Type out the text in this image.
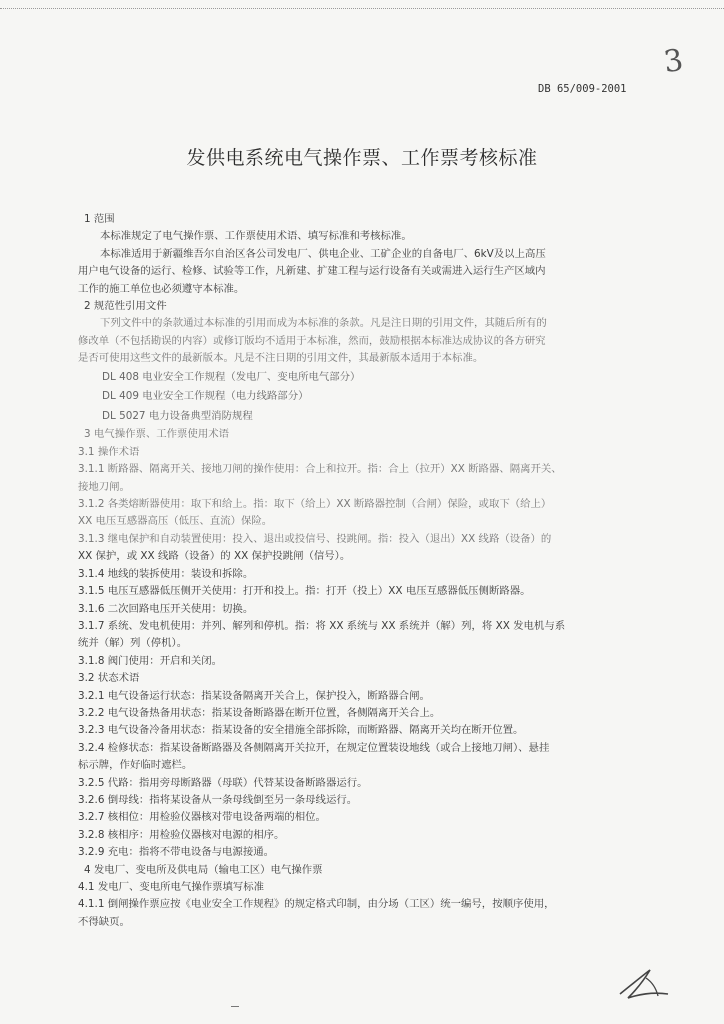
3
DB 65/009-2001
发供电系统电气操作票、工作票考核标准

1 范围

本标准规定了电气操作票、工作票使用术语、填写标准和考核标准。

本标准适用于新疆维吾尔自治区各公司发电厂、供电企业、工矿企业的自备电厂、6kV及以上高压

用户电气设备的运行、检修、试验等工作，凡新建、扩建工程与运行设备有关或需进入运行生产区域内

工作的施工单位也必须遵守本标准。

2 规范性引用文件

下列文件中的条款通过本标准的引用而成为本标准的条款。凡是注日期的引用文件，其随后所有的

修改单（不包括勘误的内容）或修订版均不适用于本标准，然而，鼓励根据本标准达成协议的各方研究

是否可使用这些文件的最新版本。凡是不注日期的引用文件，其最新版本适用于本标准。

DL 408 电业安全工作规程（发电厂、变电所电气部分）

DL 409 电业安全工作规程（电力线路部分）

DL 5027 电力设备典型消防规程

3 电气操作票、工作票使用术语

3.1 操作术语

3.1.1 断路器、隔离开关、接地刀闸的操作使用：合上和拉开。指：合上（拉开）XX 断路器、隔离开关、

接地刀闸。

3.1.2 各类熔断器使用：取下和给上。指：取下（给上）XX 断路器控制（合闸）保险，或取下（给上）

XX 电压互感器高压（低压、直流）保险。

3.1.3 继电保护和自动装置使用：投入、退出或投信号、投跳闸。指：投入（退出）XX 线路（设备）的

XX 保护，或 XX 线路（设备）的 XX 保护投跳闸（信号）。

3.1.4 地线的装拆使用：装设和拆除。

3.1.5 电压互感器低压侧开关使用：打开和投上。指：打开（投上）XX 电压互感器低压侧断路器。

3.1.6 二次回路电压开关使用：切换。

3.1.7 系统、发电机使用：并列、解列和停机。指：将 XX 系统与 XX 系统并（解）列，将 XX 发电机与系

统并（解）列（停机）。

3.1.8 阀门使用：开启和关闭。

3.2 状态术语

3.2.1 电气设备运行状态：指某设备隔离开关合上，保护投入，断路器合闸。

3.2.2 电气设备热备用状态：指某设备断路器在断开位置，各侧隔离开关合上。

3.2.3 电气设备冷备用状态：指某设备的安全措施全部拆除，而断路器、隔离开关均在断开位置。

3.2.4 检修状态：指某设备断路器及各侧隔离开关拉开，在规定位置装设地线（或合上接地刀闸）、悬挂

标示牌，作好临时遮栏。

3.2.5 代路：指用旁母断路器（母联）代替某设备断路器运行。

3.2.6 倒母线：指将某设备从一条母线倒至另一条母线运行。

3.2.7 核相位：用检验仪器核对带电设备两端的相位。

3.2.8 核相序：用检验仪器核对电源的相序。

3.2.9 充电：指将不带电设备与电源接通。

4 发电厂、变电所及供电局（输电工区）电气操作票

4.1 发电厂、变电所电气操作票填写标准

4.1.1 倒闸操作票应按《电业安全工作规程》的规定格式印制，由分场（工区）统一编号，按顺序使用，

不得缺页。
